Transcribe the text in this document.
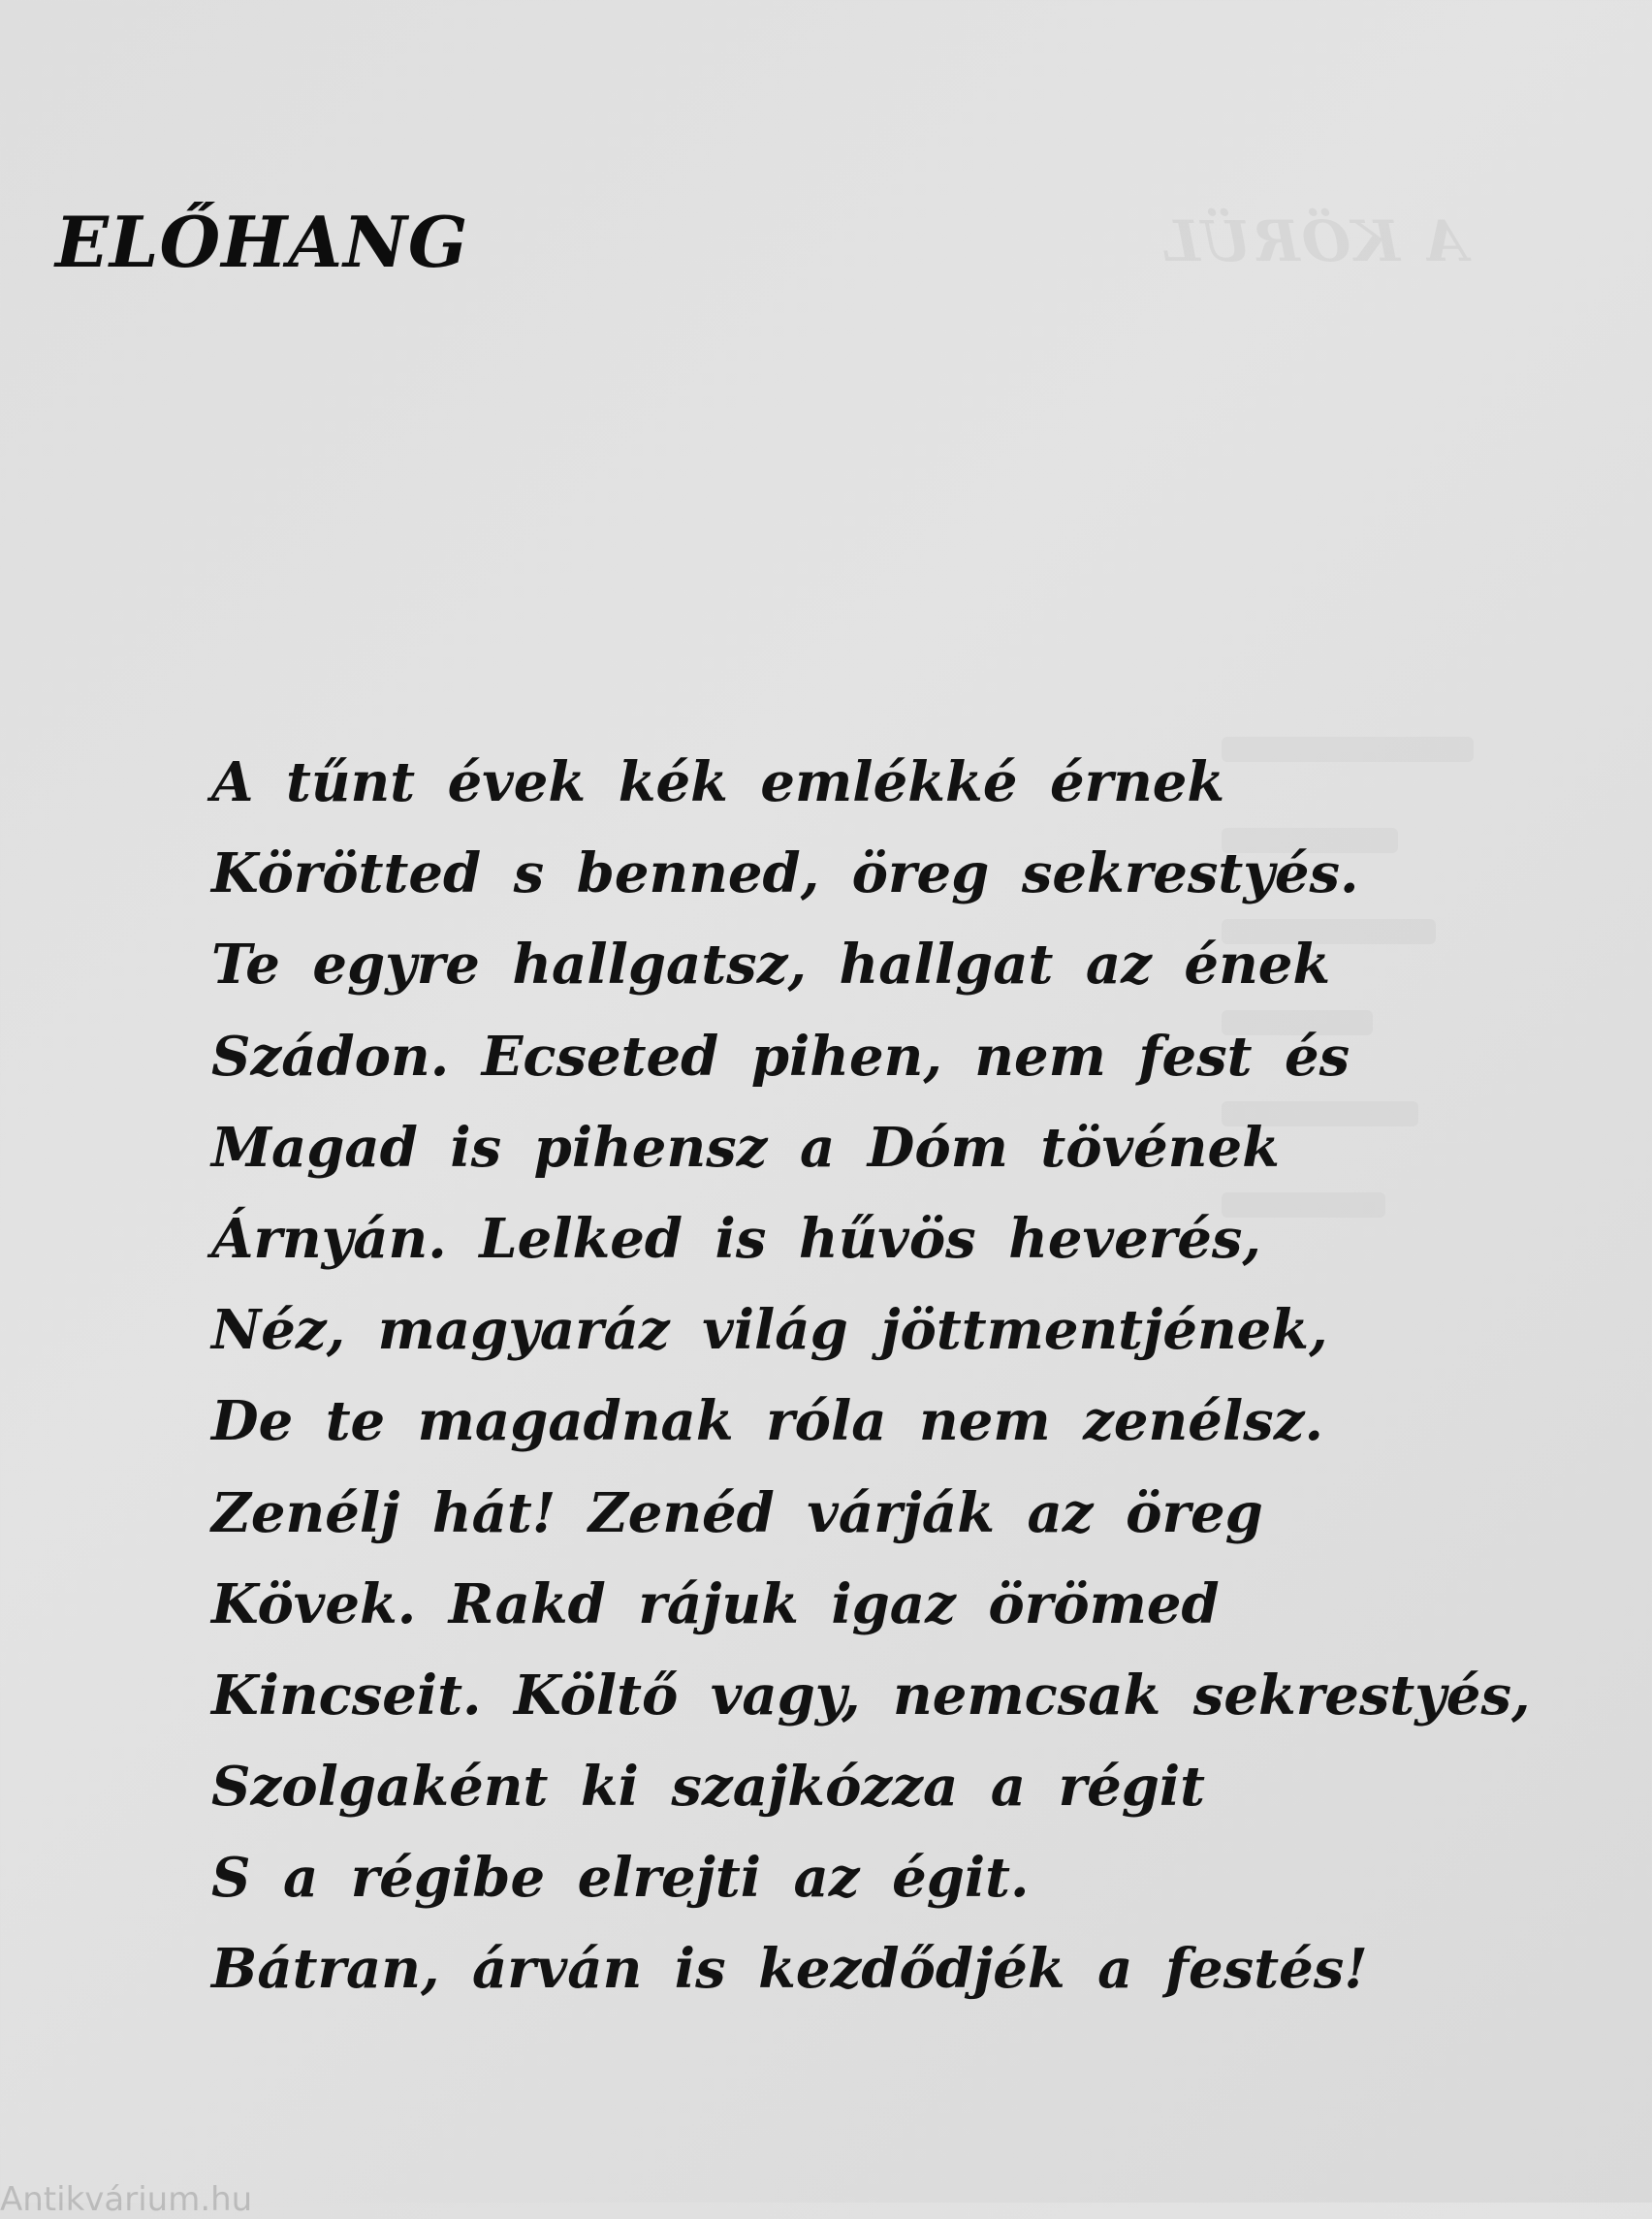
A KÖRÜL
ELŐHANG
A tűnt évek kék emlékké érnek
Körötted s benned, öreg sekrestyés.
Te egyre hallgatsz, hallgat az ének
Szádon. Ecseted pihen, nem fest és
Magad is pihensz a Dóm tövének
Árnyán. Lelked is hűvös heverés,
Néz, magyaráz világ jöttmentjének,
De te magadnak róla nem zenélsz.
Zenélj hát! Zenéd várják az öreg
Kövek. Rakd rájuk igaz örömed
Kincseit. Költő vagy, nemcsak sekrestyés,
Szolgaként ki szajkózza a régit
S a régibe elrejti az égit.
Bátran, árván is kezdődjék a festés!
Antikvárium.hu
